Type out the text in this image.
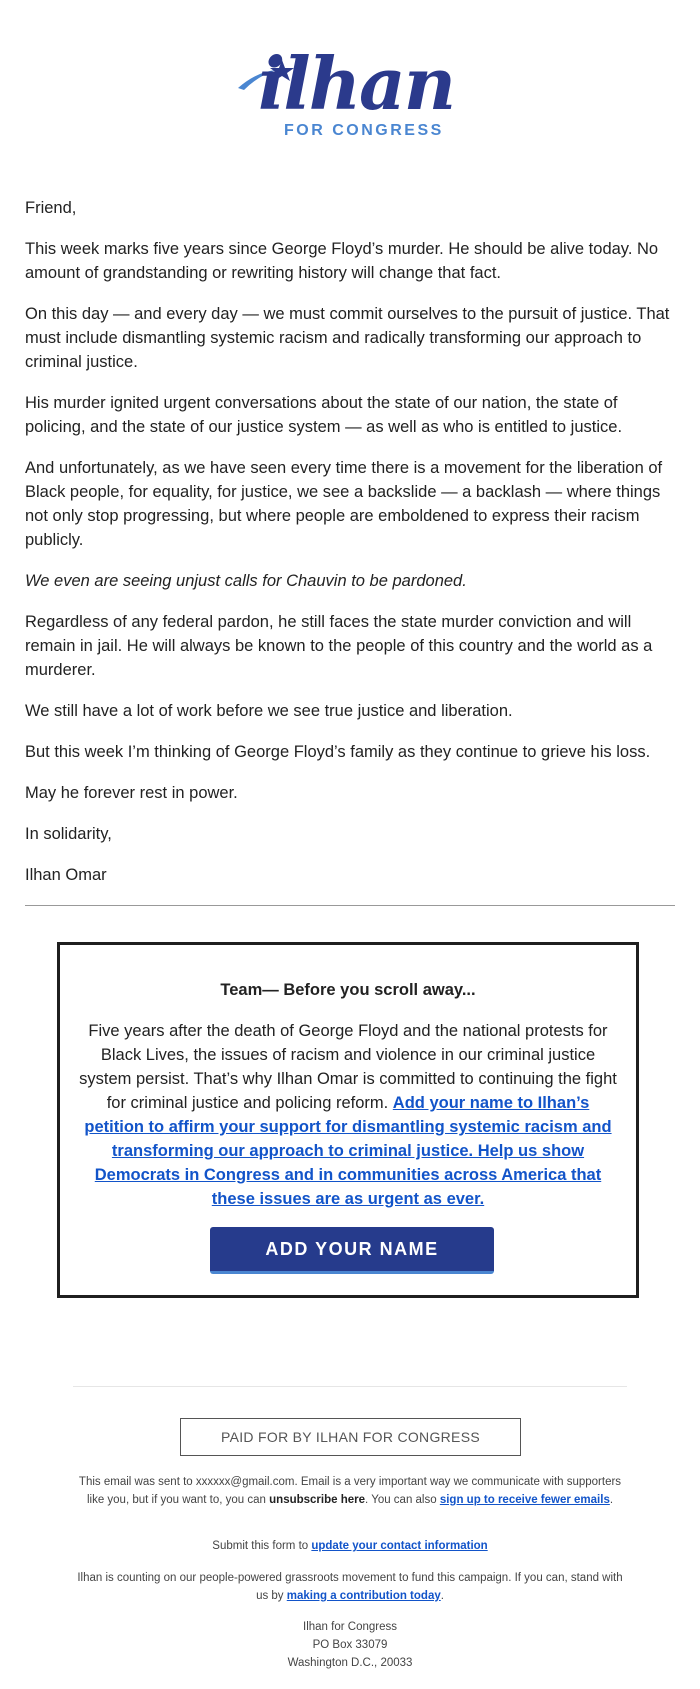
ilhan
FOR CONGRESS

Friend,

This week marks five years since George Floyd’s murder. He should be alive today. No amount of grandstanding or rewriting history will change that fact.

On this day — and every day — we must commit ourselves to the pursuit of justice. That must include dismantling systemic racism and radically transforming our approach to criminal justice.

His murder ignited urgent conversations about the state of our nation, the state of policing, and the state of our justice system — as well as who is entitled to justice.

And unfortunately, as we have seen every time there is a movement for the liberation of Black people, for equality, for justice, we see a backslide — a backlash — where things not only stop progressing, but where people are emboldened to express their racism publicly.

We even are seeing unjust calls for Chauvin to be pardoned.

Regardless of any federal pardon, he still faces the state murder conviction and will remain in jail. He will always be known to the people of this country and the world as a murderer.

We still have a lot of work before we see true justice and liberation.

But this week I’m thinking of George Floyd’s family as they continue to grieve his loss.

May he forever rest in power.

In solidarity,

Ilhan Omar

Team— Before you scroll away...
Five years after the death of George Floyd and the national protests for Black Lives, the issues of racism and violence in our criminal justice system persist. That’s why Ilhan Omar is committed to continuing the fight for criminal justice and policing reform. Add your name to Ilhan’s petition to affirm your support for dismantling systemic racism and transforming our approach to criminal justice. Help us show Democrats in Congress and in communities across America that these issues are as urgent as ever.
ADD YOUR NAME
PAID FOR BY ILHAN FOR CONGRESS
This email was sent to xxxxxx@gmail.com. Email is a very important way we communicate with supporters like you, but if you want to, you can unsubscribe here. You can also sign up to receive fewer emails.
Submit this form to update your contact information
Ilhan is counting on our people-powered grassroots movement to fund this campaign. If you can, stand with us by making a contribution today.
Ilhan for Congress
PO Box 33079
Washington D.C., 20033
